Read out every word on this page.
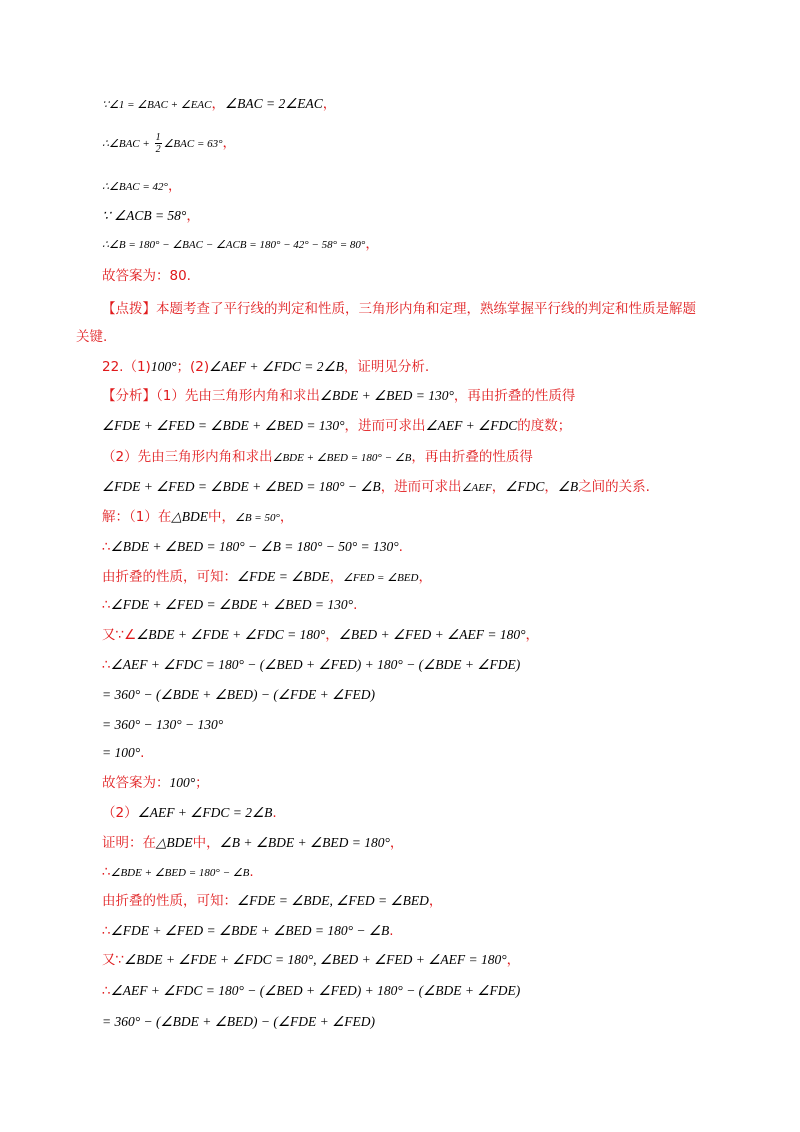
∵∠1 = ∠BAC + ∠EAC，∠BAC = 2∠EAC，
∴∠BAC + $\frac{1}{2}$ ∠BAC = 63°，
∴∠BAC = 42°，
∵ ∠ACB = 58°，
∴∠B = 180° − ∠BAC − ∠ACB = 180° − 42° − 58° = 80°，
故答案为：80.
【点拨】本题考查了平行线的判定和性质，三角形内角和定理，熟练掌握平行线的判定和性质是解题
关键.
22.（1)100°；(2)∠AEF + ∠FDC = 2∠B，证明见分析.
【分析】（1）先由三角形内角和求出∠BDE + ∠BED = 130°，再由折叠的性质得
∠FDE + ∠FED = ∠BDE + ∠BED = 130°，进而可求出∠AEF + ∠FDC的度数；
（2）先由三角形内角和求出∠BDE + ∠BED = 180° − ∠B，再由折叠的性质得
∠FDE + ∠FED = ∠BDE + ∠BED = 180° − ∠B，进而可求出∠AEF，∠FDC，∠B之间的关系.
解：（1）在△BDE中，∠B = 50°，
∴∠BDE + ∠BED = 180° − ∠B = 180° − 50° = 130°.
由折叠的性质，可知：∠FDE = ∠BDE，∠FED = ∠BED，
∴∠FDE + ∠FED = ∠BDE + ∠BED = 130°.
又∵∠∠BDE + ∠FDE + ∠FDC = 180°，∠BED + ∠FED + ∠AEF = 180°，
∴∠AEF + ∠FDC = 180° − (∠BED + ∠FED) + 180° − (∠BDE + ∠FDE)
= 360° − (∠BDE + ∠BED) − (∠FDE + ∠FED)
= 360° − 130° − 130°
= 100°.
故答案为：100°；
（2）∠AEF + ∠FDC = 2∠B.
证明：在△BDE中，∠B + ∠BDE + ∠BED = 180°，
∴∠BDE + ∠BED = 180° − ∠B.
由折叠的性质，可知：∠FDE = ∠BDE, ∠FED = ∠BED，
∴∠FDE + ∠FED = ∠BDE + ∠BED = 180° − ∠B.
又∵∠BDE + ∠FDE + ∠FDC = 180°, ∠BED + ∠FED + ∠AEF = 180°，
∴∠AEF + ∠FDC = 180° − (∠BED + ∠FED) + 180° − (∠BDE + ∠FDE)
= 360° − (∠BDE + ∠BED) − (∠FDE + ∠FED)
